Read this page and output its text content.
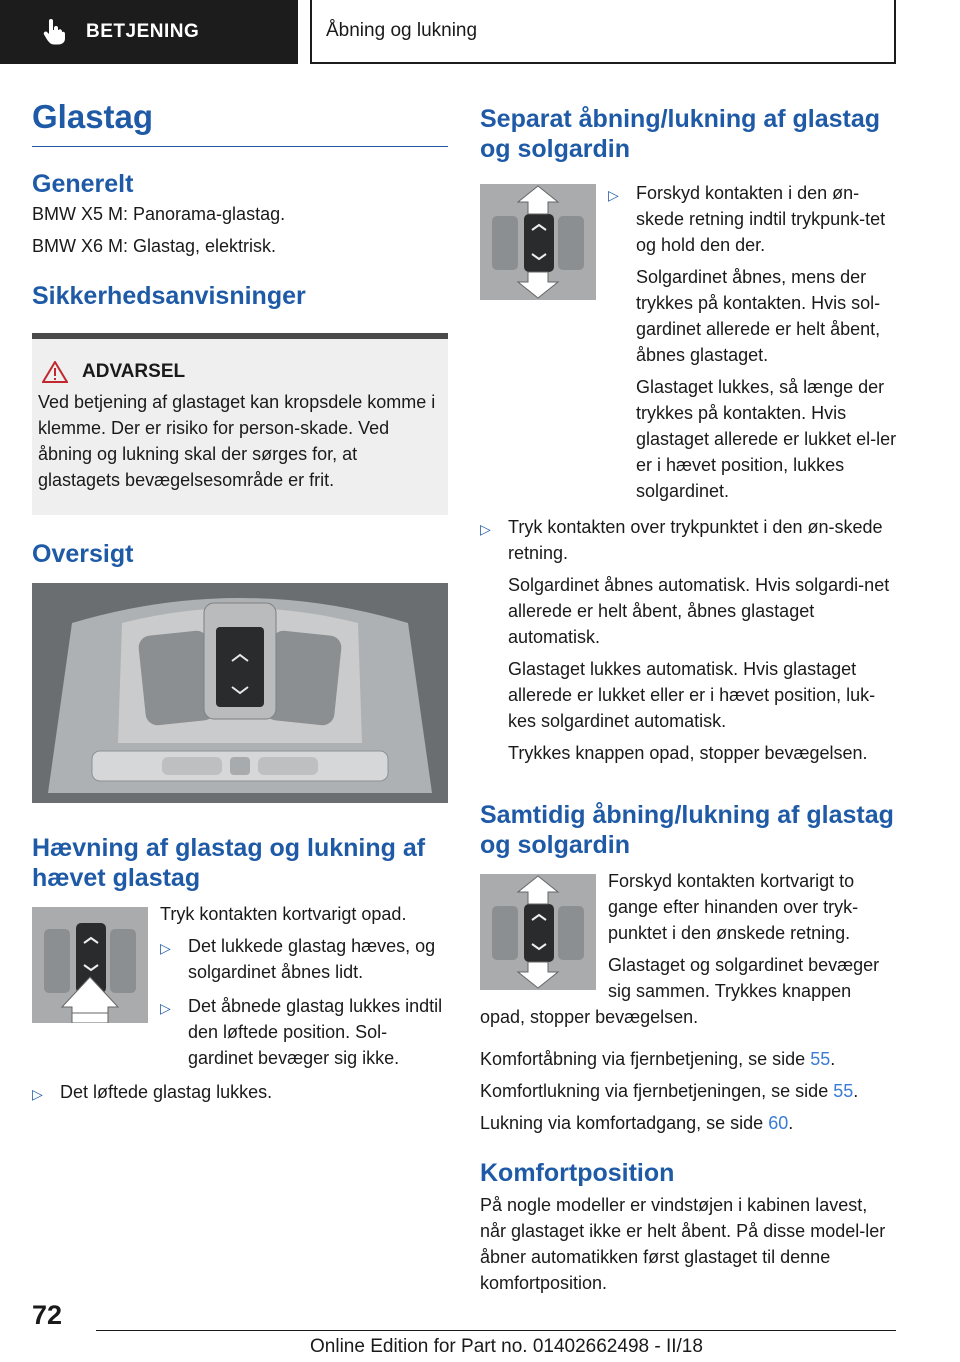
BETJENING	Åbning og lukning
Glastag
Generelt
BMW X5 M: Panorama-glastag.
BMW X6 M: Glastag, elektrisk.
Sikkerhedsanvisninger
ADVARSEL
Ved betjening af glastaget kan kropsdele komme i klemme. Der er risiko for person-skade. Ved åbning og lukning skal der sørges for, at glastagets bevægelsesområde er frit.
Oversigt
Hævning af glastag og lukning af hævet glastag
Tryk kontakten kortvarigt opad.
▷ Det lukkede glastag hæves, og solgardinet åbnes lidt.
▷ Det åbnede glastag lukkes indtil den løftede position. Sol-gardinet bevæger sig ikke.
▷ Det løftede glastag lukkes.
Separat åbning/lukning af glastag og solgardin
▷ Forskyd kontakten i den øn-skede retning indtil trykpunk-tet og hold den der.
Solgardinet åbnes, mens der trykkes på kontakten. Hvis sol-gardinet allerede er helt åbent, åbnes glastaget.
Glastaget lukkes, så længe der trykkes på kontakten. Hvis glastaget allerede er lukket el-ler er i hævet position, lukkes solgardinet.
▷ Tryk kontakten over trykpunktet i den øn-skede retning.
Solgardinet åbnes automatisk. Hvis solgardi-net allerede er helt åbent, åbnes glastaget automatisk.
Glastaget lukkes automatisk. Hvis glastaget allerede er lukket eller er i hævet position, luk-kes solgardinet automatisk.
Trykkes knappen opad, stopper bevægelsen.
Samtidig åbning/lukning af glastag og solgardin
Forskyd kontakten kortvarigt to gange efter hinanden over tryk-punktet i den ønskede retning.
Glastaget og solgardinet bevæger sig sammen. Trykkes knappen
opad, stopper bevægelsen.
Komfortåbning via fjernbetjening, se side 55.
Komfortlukning via fjernbetjeningen, se side 55.
Lukning via komfortadgang, se side 60.
Komfortposition
På nogle modeller er vindstøjen i kabinen lavest, når glastaget ikke er helt åbent. På disse model-ler åbner automatikken først glastaget til denne komfortposition.
72
Online Edition for Part no. 01402662498 - II/18
